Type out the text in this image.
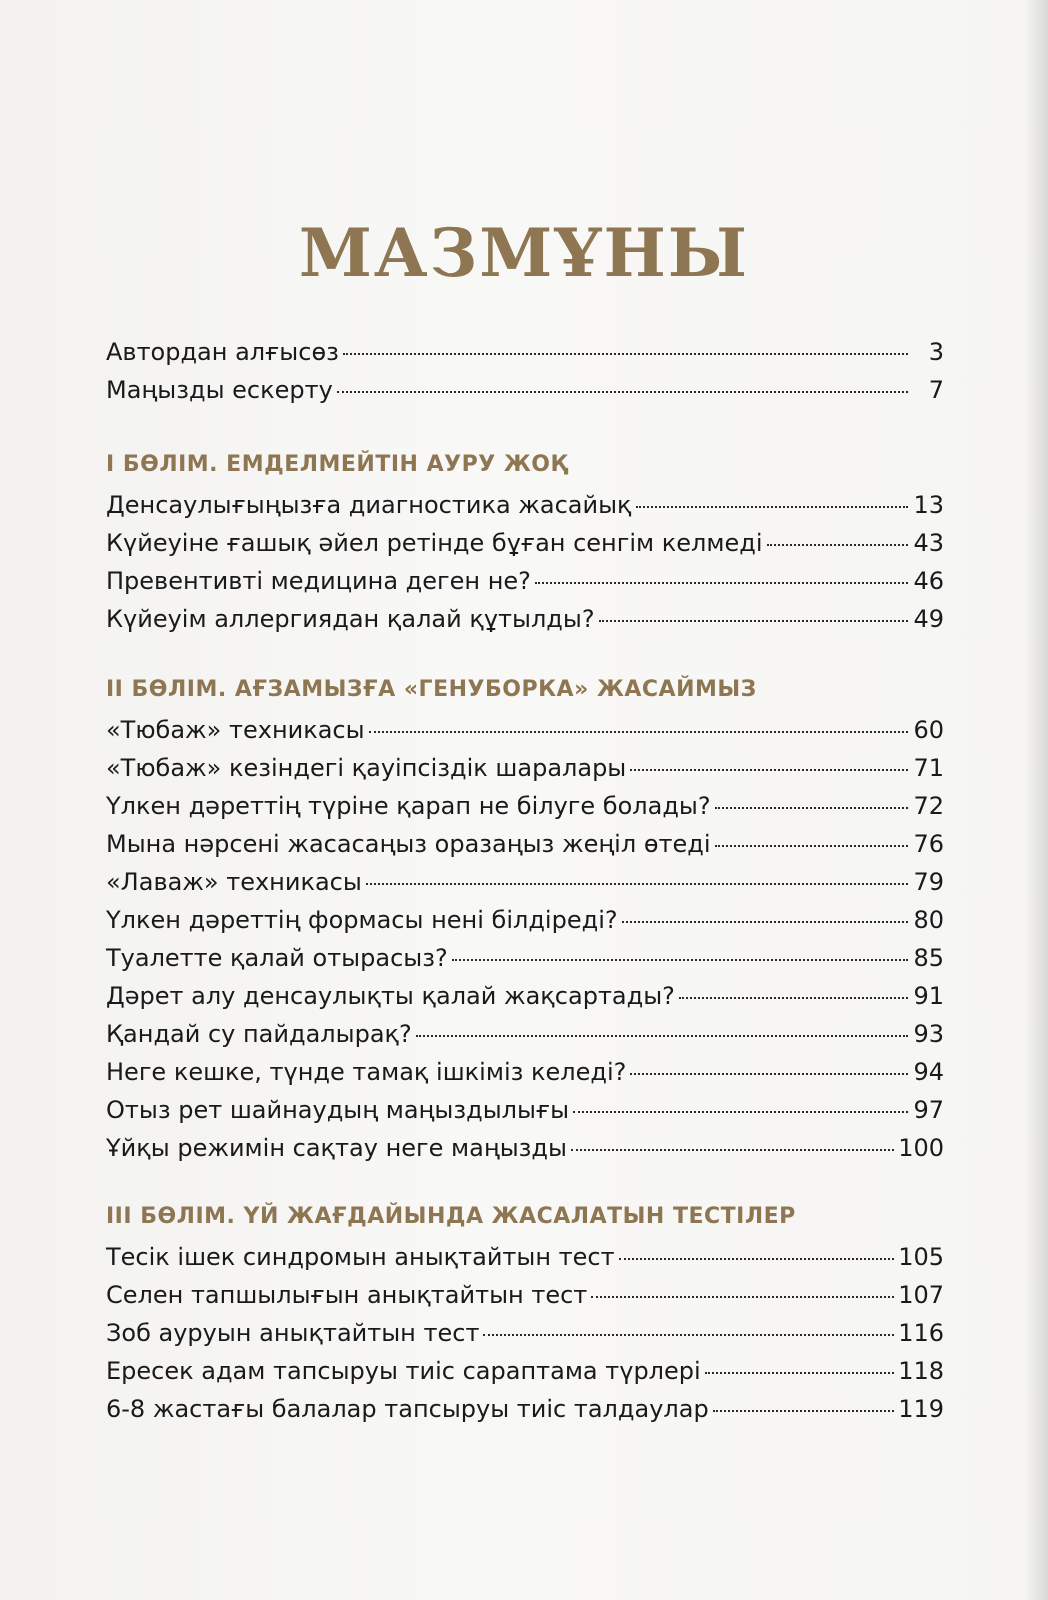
МАЗМҰНЫ
Автордан алғысөз	3
Маңызды ескерту	7
I БӨЛІМ. ЕМДЕЛМЕЙТІН АУРУ ЖОҚ
Денсаулығыңызға диагностика жасайық	13
Күйеуіне ғашық әйел ретінде бұған сенгім келмеді	43
Превентивті медицина деген не?	46
Күйеуім аллергиядан қалай құтылды?	49
II БӨЛІМ. АҒЗАМЫЗҒА «ГЕНУБОРКА» ЖАСАЙМЫЗ
«Тюбаж» техникасы	60
«Тюбаж» кезіндегі қауіпсіздік шаралары	71
Үлкен дәреттің түріне қарап не білуге болады?	72
Мына нәрсені жасасаңыз оразаңыз жеңіл өтеді	76
«Лаваж» техникасы	79
Үлкен дәреттің формасы нені білдіреді?	80
Туалетте қалай отырасыз?	85
Дәрет алу денсаулықты қалай жақсартады?	91
Қандай су пайдалырақ?	93
Неге кешке, түнде тамақ ішкіміз келеді?	94
Отыз рет шайнаудың маңыздылығы	97
Ұйқы режимін сақтау неге маңызды	100
III БӨЛІМ. ҮЙ ЖАҒДАЙЫНДА ЖАСАЛАТЫН ТЕСТІЛЕР
Тесік ішек синдромын анықтайтын тест	105
Селен тапшылығын анықтайтын тест	107
Зоб ауруын анықтайтын тест	116
Ересек адам тапсыруы тиіс сараптама түрлері	118
6-8 жастағы балалар тапсыруы тиіс талдаулар	119
